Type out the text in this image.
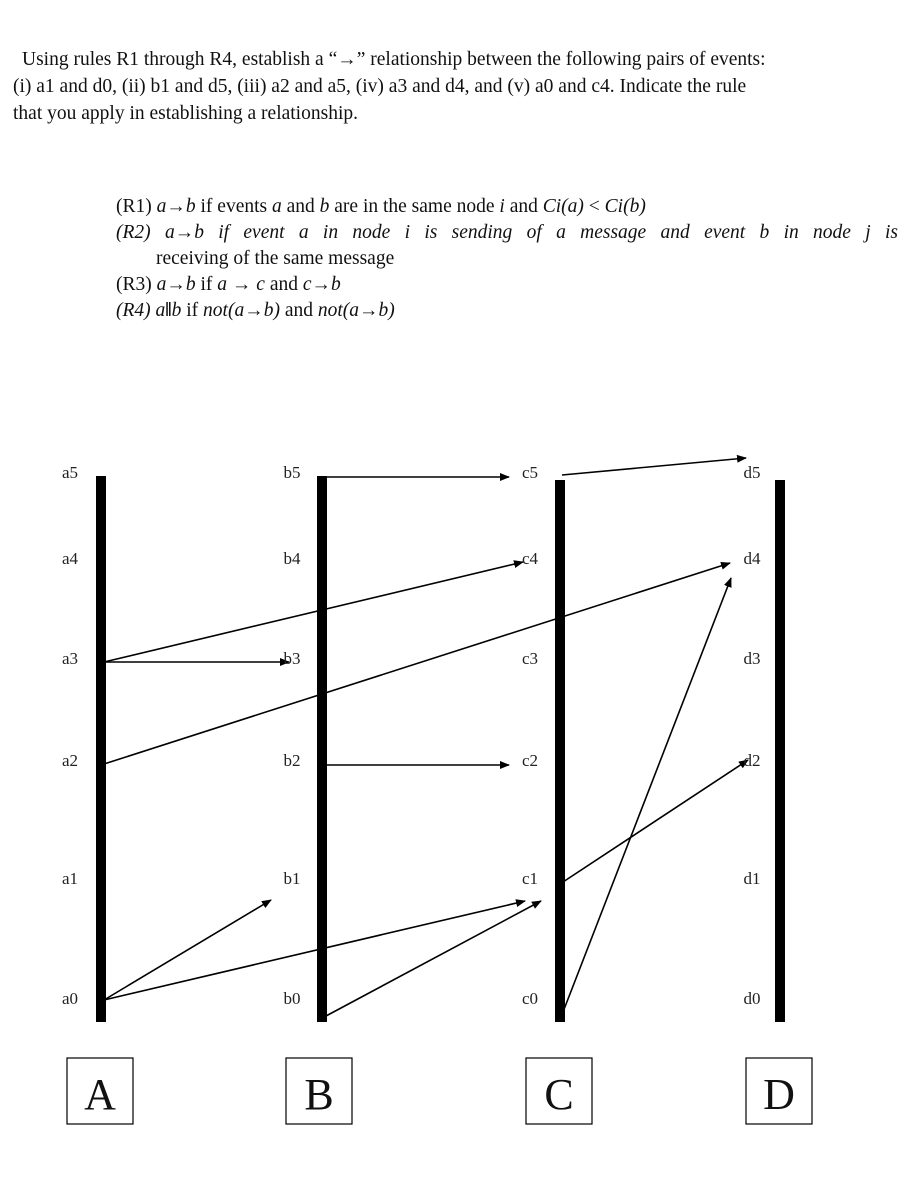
Using rules R1 through R4, establish a “→” relationship between the following pairs of events:

(i) a1 and d0, (ii) b1 and d5, (iii) a2 and a5, (iv) a3 and d4, and (v) a0 and c4. Indicate the rule

that you apply in establishing a relationship.

(R1) a→b if events a and b are in the same node i and Ci(a) < Ci(b)

(R2) a→b if event a in node i is sending of a message and event b in node j is

receiving of the same message

(R3) a→b if a → c and c→b

(R4) a‖b if not(a→b) and not(a→b)

a0
a1
a2
a3
a4
a5
b0
b1
b2
b3
b4
b5
c0
c1
c2
c3
c4
c5
d0
d1
d2
d3
d4
d5
A	B	C	D
